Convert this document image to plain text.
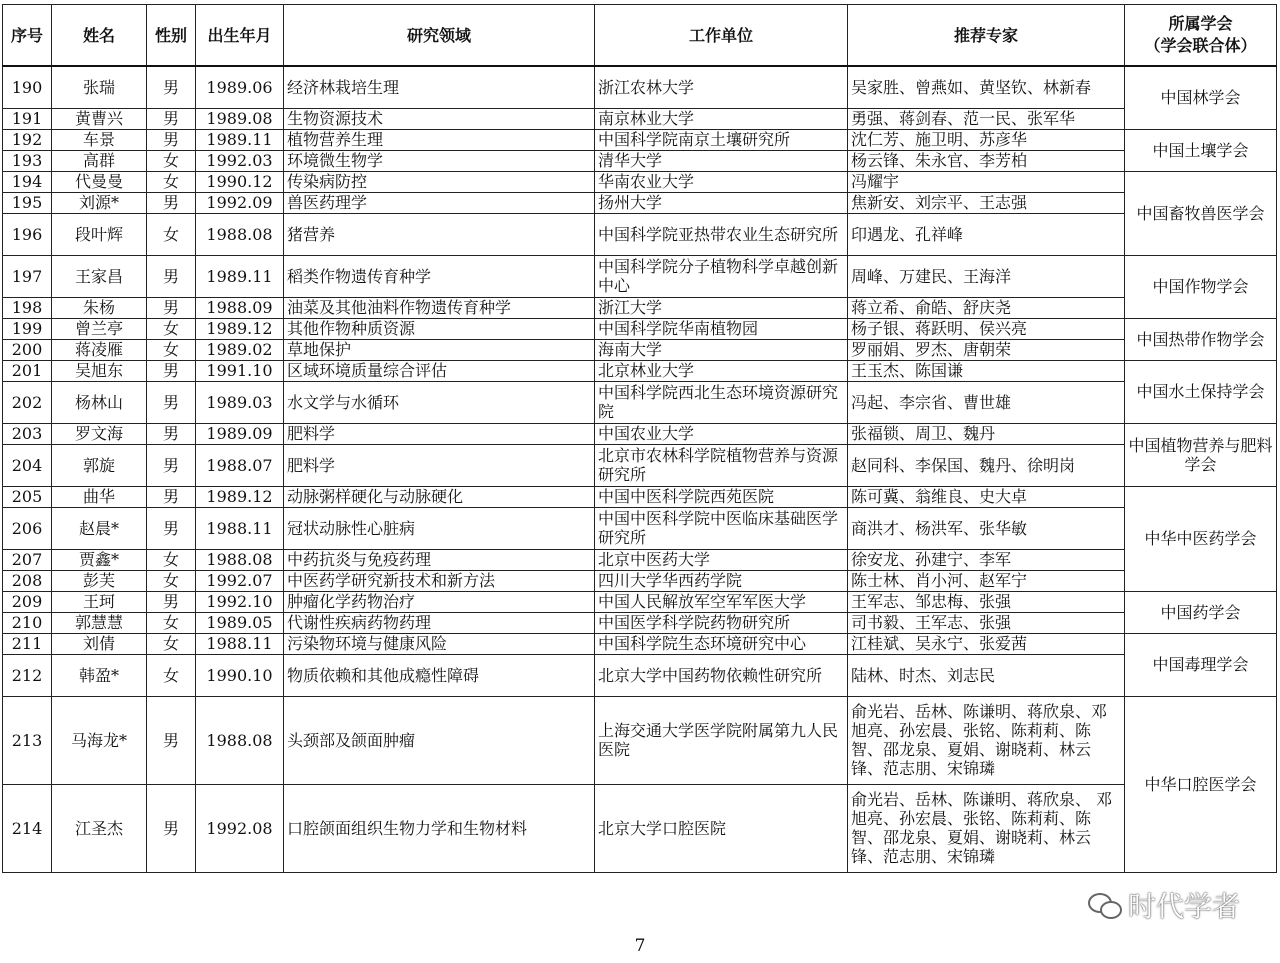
序号	姓名	性别	出生年月	研究领域	工作单位	推荐专家	所属学会
（学会联合体）
190	张瑞	男	1989.06	经济林栽培生理	浙江农林大学	吴家胜、曾燕如、黄坚钦、林新春	中国林学会
191	黄曹兴	男	1989.08	生物资源技术	南京林业大学	勇强、蒋剑春、范一民、张军华	
192	车景	男	1989.11	植物营养生理	中国科学院南京土壤研究所	沈仁芳、施卫明、苏彦华	中国土壤学会
193	高群	女	1992.03	环境微生物学	清华大学	杨云锋、朱永官、李芳柏	
194	代曼曼	女	1990.12	传染病防控	华南农业大学	冯耀宇	中国畜牧兽医学会
195	刘源*	男	1992.09	兽医药理学	扬州大学	焦新安、刘宗平、王志强	
196	段叶辉	女	1988.08	猪营养	中国科学院亚热带农业生态研究所	印遇龙、孔祥峰	
197	王家昌	男	1989.11	稻类作物遗传育种学	中国科学院分子植物科学卓越创新中心	周峰、万建民、王海洋	中国作物学会
198	朱杨	男	1988.09	油菜及其他油料作物遗传育种学	浙江大学	蒋立希、俞皓、舒庆尧	
199	曾兰亭	女	1989.12	其他作物种质资源	中国科学院华南植物园	杨子银、蒋跃明、侯兴亮	中国热带作物学会
200	蒋凌雁	女	1989.02	草地保护	海南大学	罗丽娟、罗杰、唐朝荣	
201	吴旭东	男	1991.10	区域环境质量综合评估	北京林业大学	王玉杰、陈国谦	中国水土保持学会
202	杨林山	男	1989.03	水文学与水循环	中国科学院西北生态环境资源研究院	冯起、李宗省、曹世雄	
203	罗文海	男	1989.09	肥料学	中国农业大学	张福锁、周卫、魏丹	中国植物营养与肥料学会
204	郭旋	男	1988.07	肥料学	北京市农林科学院植物营养与资源研究所	赵同科、李保国、魏丹、徐明岗	
205	曲华	男	1989.12	动脉粥样硬化与动脉硬化	中国中医科学院西苑医院	陈可冀、翁维良、史大卓	中华中医药学会
206	赵晨*	男	1988.11	冠状动脉性心脏病	中国中医科学院中医临床基础医学研究所	商洪才、杨洪军、张华敏	
207	贾鑫*	女	1988.08	中药抗炎与免疫药理	北京中医药大学	徐安龙、孙建宁、李军	
208	彭芙	女	1992.07	中医药学研究新技术和新方法	四川大学华西药学院	陈士林、肖小河、赵军宁	
209	王珂	男	1992.10	肿瘤化学药物治疗	中国人民解放军空军军医大学	王军志、邹忠梅、张强	中国药学会
210	郭慧慧	女	1989.05	代谢性疾病药物药理	中国医学科学院药物研究所	司书毅、王军志、张强	
211	刘倩	女	1988.11	污染物环境与健康风险	中国科学院生态环境研究中心	江桂斌、吴永宁、张爱茜	中国毒理学会
212	韩盈*	女	1990.10	物质依赖和其他成瘾性障碍	北京大学中国药物依赖性研究所	陆林、时杰、刘志民	
213	马海龙*	男	1988.08	头颈部及颌面肿瘤	上海交通大学医学院附属第九人民医院	俞光岩、岳林、陈谦明、蒋欣泉、邓旭亮、孙宏晨、张铭、陈莉莉、陈智、邵龙泉、夏娟、谢晓莉、林云锋、范志朋、宋锦璘	中华口腔医学会
214	江圣杰	男	1992.08	口腔颌面组织生物力学和生物材料	北京大学口腔医院	俞光岩、岳林、陈谦明、蒋欣泉、 邓旭亮、孙宏晨、张铭、陈莉莉、陈智、邵龙泉、夏娟、谢晓莉、林云锋、范志朋、宋锦璘	
7
时代学者
